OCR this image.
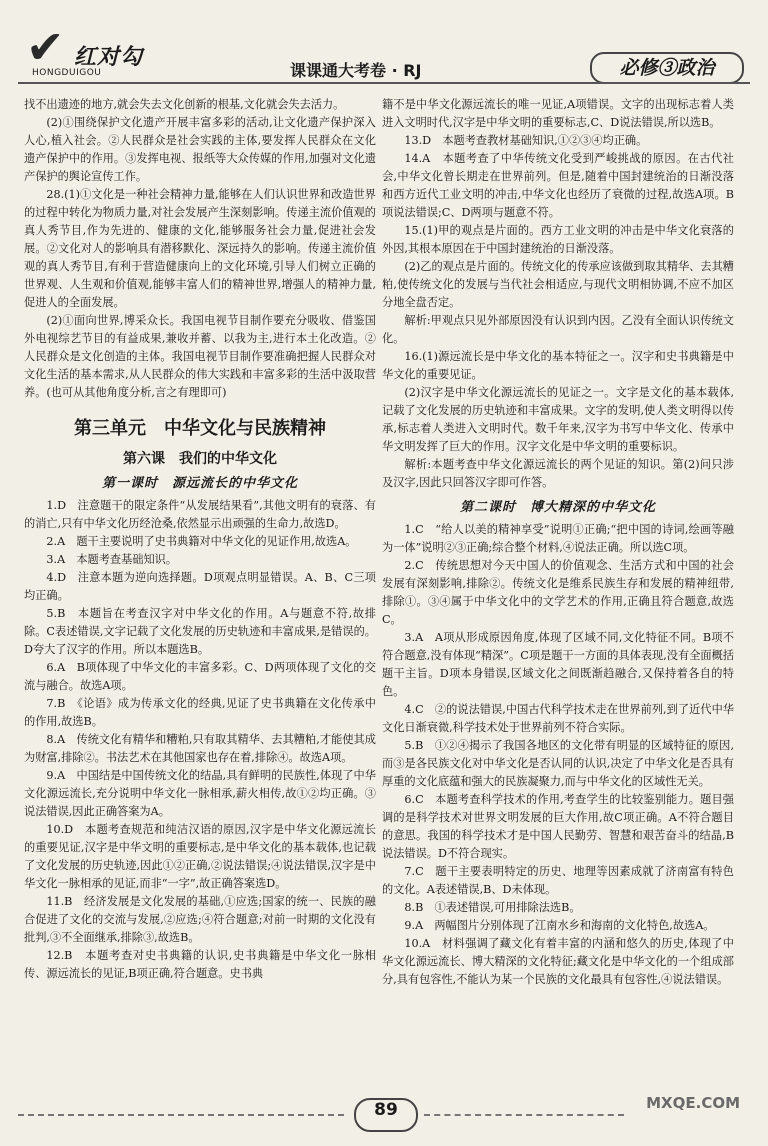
✔ 红对勾
HONGDUIGOU	课课通大考卷 · RJ	必修③政治

找不出遗迹的地方,就会失去文化创新的根基,文化就会失去活力。

(2)①围绕保护文化遗产开展丰富多彩的活动,让文化遗产保护深入人心,植入社会。②人民群众是社会实践的主体,要发挥人民群众在文化遗产保护中的作用。③发挥电视、报纸等大众传媒的作用,加强对文化遗产保护的舆论宣传工作。

28.(1)①文化是一种社会精神力量,能够在人们认识世界和改造世界的过程中转化为物质力量,对社会发展产生深刻影响。传递主流价值观的真人秀节目,作为先进的、健康的文化,能够服务社会力量,促进社会发展。②文化对人的影响具有潜移默化、深远持久的影响。传递主流价值观的真人秀节目,有利于营造健康向上的文化环境,引导人们树立正确的世界观、人生观和价值观,能够丰富人们的精神世界,增强人的精神力量,促进人的全面发展。

(2)①面向世界,博采众长。我国电视节目制作要充分吸收、借鉴国外电视综艺节目的有益成果,兼收并蓄、以我为主,进行本土化改造。②人民群众是文化创造的主体。我国电视节目制作要准确把握人民群众对文化生活的基本需求,从人民群众的伟大实践和丰富多彩的生活中汲取营养。(也可从其他角度分析,言之有理即可)

第三单元　中华文化与民族精神

第六课　我们的中华文化

第一课时　源远流长的中华文化

1.D　注意题干的限定条件“从发展结果看”,其他文明有的衰落、有的消亡,只有中华文化历经沧桑,依然显示出顽强的生命力,故选D。

2.A　题干主要说明了史书典籍对中华文化的见证作用,故选A。

3.A　本题考查基础知识。

4.D　注意本题为逆向选择题。D项观点明显错误。A、B、C三项均正确。

5.B　本题旨在考查汉字对中华文化的作用。A与题意不符,故排除。C表述错误,文字记载了文化发展的历史轨迹和丰富成果,是错误的。D夸大了汉字的作用。所以本题选B。

6.A　B项体现了中华文化的丰富多彩。C、D两项体现了文化的交流与融合。故选A项。

7.B　《论语》成为传承文化的经典,见证了史书典籍在文化传承中的作用,故选B。

8.A　传统文化有精华和糟粕,只有取其精华、去其糟粕,才能使其成为财富,排除②。书法艺术在其他国家也存在着,排除④。故选A项。

9.A　中国结是中国传统文化的结晶,具有鲜明的民族性,体现了中华文化源远流长,充分说明中华文化一脉相承,薪火相传,故①②均正确。③说法错误,因此正确答案为A。

10.D　本题考查规范和纯洁汉语的原因,汉字是中华文化源远流长的重要见证,汉字是中华文明的重要标志,是中华文化的基本载体,也记载了文化发展的历史轨迹,因此①②正确,②说法错误;④说法错误,汉字是中华文化一脉相承的见证,而非“一字”,故正确答案选D。

11.B　经济发展是文化发展的基础,①应选;国家的统一、民族的融合促进了文化的交流与发展,②应选;④符合题意;对前一时期的文化没有批判,③不全面继承,排除③,故选B。

12.B　本题考查对史书典籍的认识,史书典籍是中华文化一脉相传、源远流长的见证,B项正确,符合题意。史书典

籍不是中华文化源远流长的唯一见证,A项错误。文字的出现标志着人类进入文明时代,汉字是中华文明的重要标志,C、D说法错误,所以选B。

13.D　本题考查教材基础知识,①②③④均正确。

14.A　本题考查了中华传统文化受到严峻挑战的原因。在古代社会,中华文化曾长期走在世界前列。但是,随着中国封建统治的日渐没落和西方近代工业文明的冲击,中华文化也经历了衰微的过程,故选A项。B项说法错误;C、D两项与题意不符。

15.(1)甲的观点是片面的。西方工业文明的冲击是中华文化衰落的外因,其根本原因在于中国封建统治的日渐没落。

(2)乙的观点是片面的。传统文化的传承应该做到取其精华、去其糟粕,使传统文化的发展与当代社会相适应,与现代文明相协调,不应不加区分地全盘否定。

解析:甲观点只见外部原因没有认识到内因。乙没有全面认识传统文化。

16.(1)源远流长是中华文化的基本特征之一。汉字和史书典籍是中华文化的重要见证。

(2)汉字是中华文化源远流长的见证之一。文字是文化的基本载体,记载了文化发展的历史轨迹和丰富成果。文字的发明,使人类文明得以传承,标志着人类进入文明时代。数千年来,汉字为书写中华文化、传承中华文明发挥了巨大的作用。汉字文化是中华文明的重要标识。

解析:本题考查中华文化源远流长的两个见证的知识。第(2)问只涉及汉字,因此只回答汉字即可作答。

第二课时　博大精深的中华文化

1.C　“给人以美的精神享受”说明①正确;“把中国的诗词,绘画等融为一体”说明②③正确;综合整个材料,④说法正确。所以选C项。

2.C　传统思想对今天中国人的价值观念、生活方式和中国的社会发展有深刻影响,排除②。传统文化是维系民族生存和发展的精神纽带,排除①。③④属于中华文化中的文学艺术的作用,正确且符合题意,故选C。

3.A　A项从形成原因角度,体现了区域不同,文化特征不同。B项不符合题意,没有体现“精深”。C项是题干一方面的具体表现,没有全面概括题干主旨。D项本身错误,区域文化之间既渐趋融合,又保持着各自的特色。

4.C　②的说法错误,中国古代科学技术走在世界前列,到了近代中华文化日渐衰微,科学技术处于世界前列不符合实际。

5.B　①②④揭示了我国各地区的文化带有明显的区域特征的原因,而③是各民族文化对中华文化是否认同的认识,决定了中华文化是否具有厚重的文化底蕴和强大的民族凝聚力,而与中华文化的区域性无关。

6.C　本题考查科学技术的作用,考查学生的比较鉴别能力。题目强调的是科学技术对世界文明发展的巨大作用,故C项正确。A不符合题目的意思。我国的科学技术才是中国人民勤劳、智慧和艰苦奋斗的结晶,B说法错误。D不符合现实。

7.C　题干主要表明特定的历史、地理等因素成就了济南富有特色的文化。A表述错误,B、D未体现。

8.B　①表述错误,可用排除法选B。

9.A　两幅图片分别体现了江南水乡和海南的文化特色,故选A。

10.A　材料强调了藏文化有着丰富的内涵和悠久的历史,体现了中华文化源远流长、博大精深的文化特征;藏文化是中华文化的一个组成部分,具有包容性,不能认为某一个民族的文化最具有包容性,④说法错误。

89	MXQE.COM
